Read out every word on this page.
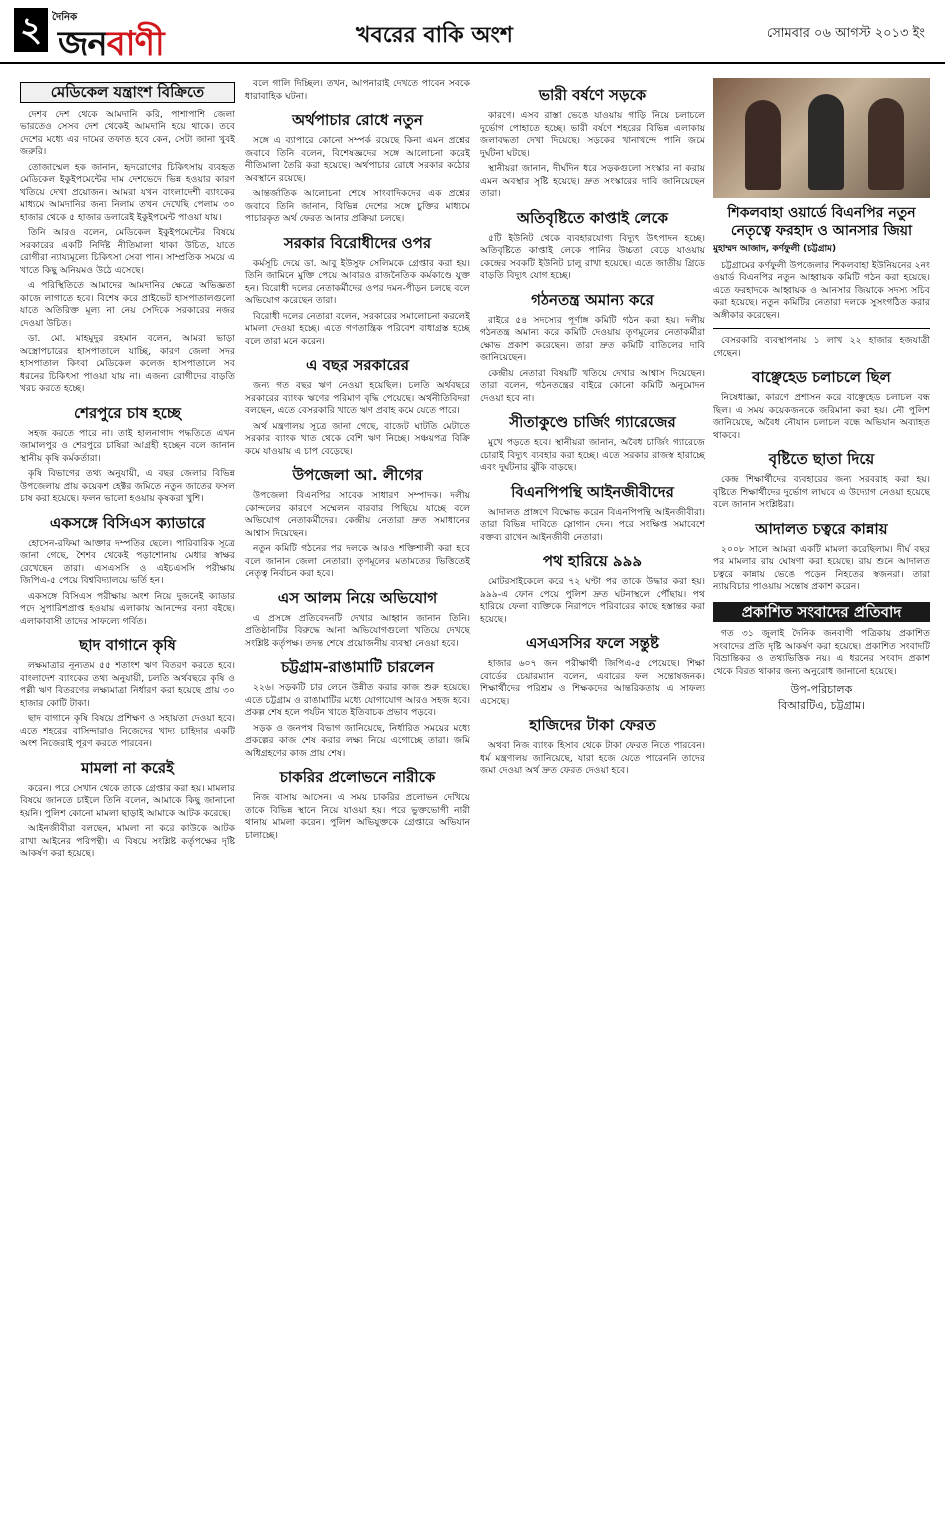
২ দৈনিক
জনবাণী	খবরের বাকি অংশ	সোমবার ০৬ আগস্ট ২০১৩ ইং
মেডিকেল যন্ত্রাংশ বিক্রিতে

দেশব দেশ থেকে আমদানি করি, পাশাপাশি জেলা ভারতেও সেসব দেশ থেকেই আমদানি হয়ে থাকে। তবে দেশের মধ্যে এর দামের তফাত হবে কেন, সেটা জানা খুবই জরুরি।

তোজাম্মেল হক জানান, হৃদরোগের চিকিৎসায় ব্যবহৃত মেডিকেল ইকুইপমেন্টের দাম দেশভেদে ভিন্ন হওয়ার কারণ খতিয়ে দেখা প্রয়োজন। আমরা যখন বাংলাদেশী ব্যাংকের মাধ্যমে আমদানির জন্য নিলাম তখন দেখেছি পেলাম ৩০ হাজার থেকে ৫ হাজার ডলারেই ইকুইপমেন্ট পাওয়া যায়।

তিনি আরও বলেন, মেডিকেল ইকুইপমেন্টের বিষয়ে সরকারের একটি নির্দিষ্ট নীতিমালা থাকা উচিত, যাতে রোগীরা ন্যায্যমূল্যে চিকিৎসা সেবা পান। সাম্প্রতিক সময়ে এ খাতে কিছু অনিয়মও উঠে এসেছে।

এ পরিস্থিতিতে আমাদের আমদানির ক্ষেত্রে অভিজ্ঞতা কাজে লাগাতে হবে। বিশেষ করে প্রাইভেট হাসপাতালগুলো যাতে অতিরিক্ত মূল্য না নেয় সেদিকে সরকারের নজর দেওয়া উচিত।

ডা. মো. মাহমুদুর রহমান বলেন, আমরা ভাড়া অস্ত্রোপচারের হাসপাতালে যাচ্ছি, কারণ জেলা সদর হাসপাতাল কিংবা মেডিকেল কলেজ হাসপাতালে সব ধরনের চিকিৎসা পাওয়া যায় না। এজন্য রোগীদের বাড়তি খরচ করতে হচ্ছে।

শেরপুরে চাষ হচ্ছে

সহজ করতে পারে না। তাই হালনাগাদ পদ্ধতিতে এখন জামালপুর ও শেরপুরে চাষিরা আগ্রহী হচ্ছেন বলে জানান স্থানীয় কৃষি কর্মকর্তারা।

কৃষি বিভাগের তথ্য অনুযায়ী, এ বছর জেলার বিভিন্ন উপজেলায় প্রায় কয়েকশ হেক্টর জমিতে নতুন জাতের ফসল চাষ করা হয়েছে। ফলন ভালো হওয়ায় কৃষকরা খুশি।

একসঙ্গে বিসিএস ক্যাডারে

হোসেন-রফিমা আক্তার দম্পতির ছেলে। পারিবারিক সূত্রে জানা গেছে, শৈশব থেকেই পড়াশোনায় মেধার স্বাক্ষর রেখেছেন তারা। এসএসসি ও এইচএসসি পরীক্ষায় জিপিএ-৫ পেয়ে বিশ্ববিদ্যালয়ে ভর্তি হন।

একসঙ্গে বিসিএস পরীক্ষায় অংশ নিয়ে দুজনেই ক্যাডার পদে সুপারিশপ্রাপ্ত হওয়ায় এলাকায় আনন্দের বন্যা বইছে। এলাকাবাসী তাদের সাফল্যে গর্বিত।

ছাদ বাগানে কৃষি

লক্ষমাত্রার নূন্যতম ৫৫ শতাংশ ঋণ বিতরণ করতে হবে। বাংলাদেশ ব্যাংকের তথ্য অনুযায়ী, চলতি অর্থবছরে কৃষি ও পল্লী ঋণ বিতরণের লক্ষ্যমাত্রা নির্ধারণ করা হয়েছে প্রায় ৩০ হাজার কোটি টাকা।

ছাদ বাগানে কৃষি বিষয়ে প্রশিক্ষণ ও সহায়তা দেওয়া হবে। এতে শহরের বাসিন্দারাও নিজেদের খাদ্য চাহিদার একটি অংশ নিজেরাই পূরণ করতে পারবেন।

মামলা না করেই

করেন। পরে সেখান থেকে তাকে গ্রেপ্তার করা হয়। মামলার বিষয়ে জানতে চাইলে তিনি বলেন, আমাকে কিছু জানানো হয়নি। পুলিশ কোনো মামলা ছাড়াই আমাকে আটক করেছে।

আইনজীবীরা বলছেন, মামলা না করে কাউকে আটক রাখা আইনের পরিপন্থী। এ বিষয়ে সংশ্লিষ্ট কর্তৃপক্ষের দৃষ্টি আকর্ষণ করা হয়েছে।

বলে গালি দিচ্ছিল। তখন, আপনারাই দেখতে পাবেন সবকে ধারাবাহিক ঘটনা।

অর্থপাচার রোধে নতুন

সঙ্গে এ ব্যাপারে কোনো সম্পর্ক রয়েছে কিনা এমন প্রশ্নের জবাবে তিনি বলেন, বিশেষজ্ঞদের সঙ্গে আলোচনা করেই নীতিমালা তৈরি করা হয়েছে। অর্থপাচার রোধে সরকার কঠোর অবস্থানে রয়েছে।

আন্তর্জাতিক আলোচনা শেষে সাংবাদিকদের এক প্রশ্নের জবাবে তিনি জানান, বিভিন্ন দেশের সঙ্গে চুক্তির মাধ্যমে পাচারকৃত অর্থ ফেরত আনার প্রক্রিয়া চলছে।

সরকার বিরোধীদের ওপর

কর্মসূচি দেয়ে ডা. আবু ইউসুফ সেলিমকে গ্রেপ্তার করা হয়। তিনি জামিনে মুক্তি পেয়ে আবারও রাজনৈতিক কর্মকাণ্ডে যুক্ত হন। বিরোধী দলের নেতাকর্মীদের ওপর দমন-পীড়ন চলছে বলে অভিযোগ করেছেন তারা।

বিরোধী দলের নেতারা বলেন, সরকারের সমালোচনা করলেই মামলা দেওয়া হচ্ছে। এতে গণতান্ত্রিক পরিবেশ বাধাগ্রস্ত হচ্ছে বলে তারা মনে করেন।

এ বছর সরকারের

জন্য গত বছর ঋণ নেওয়া হয়েছিল। চলতি অর্থবছরে সরকারের ব্যাংক ঋণের পরিমাণ বৃদ্ধি পেয়েছে। অর্থনীতিবিদরা বলছেন, এতে বেসরকারি খাতে ঋণ প্রবাহ কমে যেতে পারে।

অর্থ মন্ত্রণালয় সূত্রে জানা গেছে, বাজেট ঘাটতি মেটাতে সরকার ব্যাংক খাত থেকে বেশি ঋণ নিচ্ছে। সঞ্চয়পত্র বিক্রি কমে যাওয়ায় এ চাপ বেড়েছে।

উপজেলা আ. লীগের

উপজেলা বিএনপির সাবেক সাধারণ সম্পাদক। দলীয় কোন্দলের কারণে সম্মেলন বারবার পিছিয়ে যাচ্ছে বলে অভিযোগ নেতাকর্মীদের। কেন্দ্রীয় নেতারা দ্রুত সমাধানের আশ্বাস দিয়েছেন।

নতুন কমিটি গঠনের পর দলকে আরও শক্তিশালী করা হবে বলে জানান জেলা নেতারা। তৃণমূলের মতামতের ভিত্তিতেই নেতৃত্ব নির্বাচন করা হবে।

এস আলম নিয়ে অভিযোগ

এ প্রসঙ্গে প্রতিবেদনটি দেখার আহ্বান জানান তিনি। প্রতিষ্ঠানটির বিরুদ্ধে আনা অভিযোগগুলো খতিয়ে দেখছে সংশ্লিষ্ট কর্তৃপক্ষ। তদন্ত শেষে প্রয়োজনীয় ব্যবস্থা নেওয়া হবে।

চট্টগ্রাম-রাঙামাটি চারলেন

২২৬। সড়কটি চার লেনে উন্নীত করার কাজ শুরু হয়েছে। এতে চট্টগ্রাম ও রাঙামাটির মধ্যে যোগাযোগ আরও সহজ হবে। প্রকল্প শেষ হলে পর্যটন খাতে ইতিবাচক প্রভাব পড়বে।

সড়ক ও জনপথ বিভাগ জানিয়েছে, নির্ধারিত সময়ের মধ্যে প্রকল্পের কাজ শেষ করার লক্ষ্য নিয়ে এগোচ্ছে তারা। জমি অধিগ্রহণের কাজ প্রায় শেষ।

চাকরির প্রলোভনে নারীকে

নিজ বাসায় আসেন। এ সময় চাকরির প্রলোভন দেখিয়ে তাকে বিভিন্ন স্থানে নিয়ে যাওয়া হয়। পরে ভুক্তভোগী নারী থানায় মামলা করেন। পুলিশ অভিযুক্তকে গ্রেপ্তারে অভিযান চালাচ্ছে।

ভারী বর্ষণে সড়কে

কারণে। এসব রাস্তা ভেঙে যাওয়ায় গাড়ি নিয়ে চলাচলে দুর্ভোগ পোহাতে হচ্ছে। ভারী বর্ষণে শহরের বিভিন্ন এলাকায় জলাবদ্ধতা দেখা দিয়েছে। সড়কের খানাখন্দে পানি জমে দুর্ঘটনা ঘটছে।

স্থানীয়রা জানান, দীর্ঘদিন ধরে সড়কগুলো সংস্কার না করায় এমন অবস্থার সৃষ্টি হয়েছে। দ্রুত সংস্কারের দাবি জানিয়েছেন তারা।

অতিবৃষ্টিতে কাপ্তাই লেকে

৫টি ইউনিট থেকে ব্যবহারযোগ্য বিদ্যুৎ উৎপাদন হচ্ছে। অতিবৃষ্টিতে কাপ্তাই লেকে পানির উচ্চতা বেড়ে যাওয়ায় কেন্দ্রের সবকটি ইউনিট চালু রাখা হয়েছে। এতে জাতীয় গ্রিডে বাড়তি বিদ্যুৎ যোগ হচ্ছে।

গঠনতন্ত্র অমান্য করে

রাইরে ৫৪ সদস্যের পূর্ণাঙ্গ কমিটি গঠন করা হয়। দলীয় গঠনতন্ত্র অমান্য করে কমিটি দেওয়ায় তৃণমূলের নেতাকর্মীরা ক্ষোভ প্রকাশ করেছেন। তারা দ্রুত কমিটি বাতিলের দাবি জানিয়েছেন।

কেন্দ্রীয় নেতারা বিষয়টি খতিয়ে দেখার আশ্বাস দিয়েছেন। তারা বলেন, গঠনতন্ত্রের বাইরে কোনো কমিটি অনুমোদন দেওয়া হবে না।

সীতাকুণ্ডে চার্জিং গ্যারেজের

মুখে পড়তে হবে। স্থানীয়রা জানান, অবৈধ চার্জিং গ্যারেজে চোরাই বিদ্যুৎ ব্যবহার করা হচ্ছে। এতে সরকার রাজস্ব হারাচ্ছে এবং দুর্ঘটনার ঝুঁকি বাড়ছে।

বিএনপিপন্থি আইনজীবীদের

আদালত প্রাঙ্গণে বিক্ষোভ করেন বিএনপিপন্থি আইনজীবীরা। তারা বিভিন্ন দাবিতে স্লোগান দেন। পরে সংক্ষিপ্ত সমাবেশে বক্তব্য রাখেন আইনজীবী নেতারা।

পথ হারিয়ে ৯৯৯

মোটরসাইকেলে করে ৭২ ঘণ্টা পর তাকে উদ্ধার করা হয়। ৯৯৯-এ ফোন পেয়ে পুলিশ দ্রুত ঘটনাস্থলে পৌঁছায়। পথ হারিয়ে ফেলা ব্যক্তিকে নিরাপদে পরিবারের কাছে হস্তান্তর করা হয়েছে।

এসএসসির ফলে সন্তুষ্ট

হাজার ৬০৭ জন পরীক্ষার্থী জিপিএ-৫ পেয়েছে। শিক্ষা বোর্ডের চেয়ারম্যান বলেন, এবারের ফল সন্তোষজনক। শিক্ষার্থীদের পরিশ্রম ও শিক্ষকদের আন্তরিকতায় এ সাফল্য এসেছে।

হাজিদের টাকা ফেরত

অথবা নিজ ব্যাংক হিসাব থেকে টাকা ফেরত নিতে পারবেন। ধর্ম মন্ত্রণালয় জানিয়েছে, যারা হজে যেতে পারেননি তাদের জমা দেওয়া অর্থ দ্রুত ফেরত দেওয়া হবে।

শিকলবাহা ওয়ার্ডে বিএনপির নতুন নেতৃত্বে ফরহাদ ও আনসার জিয়া
মুহাম্মদ আজাদ, কর্ণফুলী (চট্টগ্রাম)

চট্টগ্রামের কর্ণফুলী উপজেলার শিকলবাহা ইউনিয়নের ২নং ওয়ার্ড বিএনপির নতুন আহ্বায়ক কমিটি গঠন করা হয়েছে। এতে ফরহাদকে আহ্বায়ক ও আনসার জিয়াকে সদস্য সচিব করা হয়েছে। নতুন কমিটির নেতারা দলকে সুসংগঠিত করার অঙ্গীকার করেছেন।

বেসরকারি ব্যবস্থাপনায় ১ লাখ ২২ হাজার হজযাত্রী গেছেন।

বাঞ্ছেহেড চলাচলে ছিল

নিষেধাজ্ঞা, কারণে প্রশাসন করে বাঞ্ছেহেড চলাচল বন্ধ ছিল। এ সময় কয়েকজনকে জরিমানা করা হয়। নৌ পুলিশ জানিয়েছে, অবৈধ নৌযান চলাচল বন্ধে অভিযান অব্যাহত থাকবে।

বৃষ্টিতে ছাতা দিয়ে

কেন্দ্র শিক্ষার্থীদের ব্যবহারের জন্য সরবরাহ করা হয়। বৃষ্টিতে শিক্ষার্থীদের দুর্ভোগ লাঘবে এ উদ্যোগ নেওয়া হয়েছে বলে জানান সংশ্লিষ্টরা।

আদালত চত্বরে কান্নায়

২০০৮ সালে আমরা একটি মামলা করেছিলাম। দীর্ঘ বছর পর মামলার রায় ঘোষণা করা হয়েছে। রায় শুনে আদালত চত্বরে কান্নায় ভেঙে পড়েন নিহতের স্বজনরা। তারা ন্যায়বিচার পাওয়ায় সন্তোষ প্রকাশ করেন।

প্রকাশিত সংবাদের প্রতিবাদ

গত ৩১ জুলাই দৈনিক জনবাণী পত্রিকায় প্রকাশিত সংবাদের প্রতি দৃষ্টি আকর্ষণ করা হয়েছে। প্রকাশিত সংবাদটি বিভ্রান্তিকর ও তথ্যভিত্তিক নয়। এ ধরনের সংবাদ প্রকাশ থেকে বিরত থাকার জন্য অনুরোধ জানানো হয়েছে।

উপ-পরিচালক
বিআরটিএ, চট্টগ্রাম।
